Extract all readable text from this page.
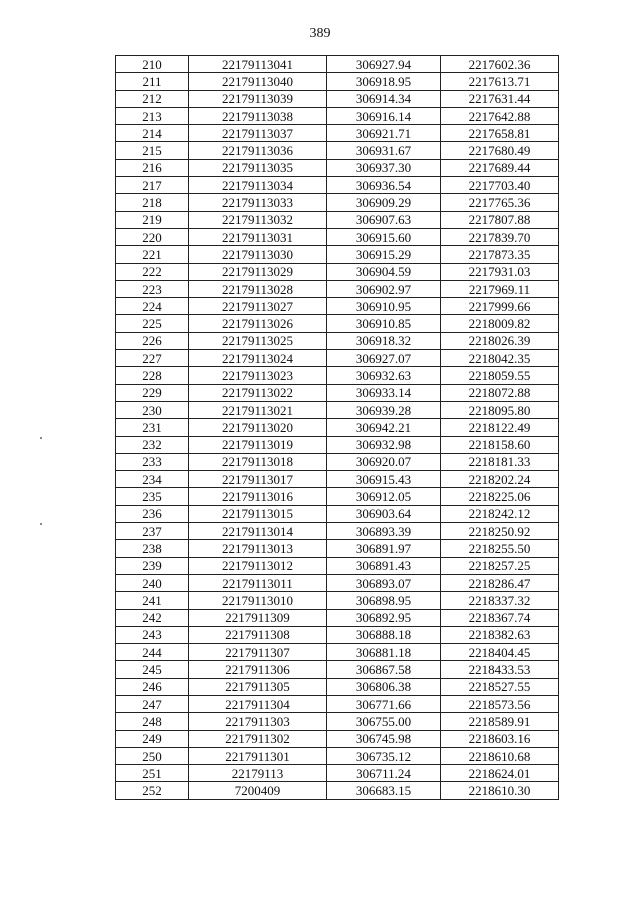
389
210	22179113041	306927.94	2217602.36
211	22179113040	306918.95	2217613.71
212	22179113039	306914.34	2217631.44
213	22179113038	306916.14	2217642.88
214	22179113037	306921.71	2217658.81
215	22179113036	306931.67	2217680.49
216	22179113035	306937.30	2217689.44
217	22179113034	306936.54	2217703.40
218	22179113033	306909.29	2217765.36
219	22179113032	306907.63	2217807.88
220	22179113031	306915.60	2217839.70
221	22179113030	306915.29	2217873.35
222	22179113029	306904.59	2217931.03
223	22179113028	306902.97	2217969.11
224	22179113027	306910.95	2217999.66
225	22179113026	306910.85	2218009.82
226	22179113025	306918.32	2218026.39
227	22179113024	306927.07	2218042.35
228	22179113023	306932.63	2218059.55
229	22179113022	306933.14	2218072.88
230	22179113021	306939.28	2218095.80
231	22179113020	306942.21	2218122.49
232	22179113019	306932.98	2218158.60
233	22179113018	306920.07	2218181.33
234	22179113017	306915.43	2218202.24
235	22179113016	306912.05	2218225.06
236	22179113015	306903.64	2218242.12
237	22179113014	306893.39	2218250.92
238	22179113013	306891.97	2218255.50
239	22179113012	306891.43	2218257.25
240	22179113011	306893.07	2218286.47
241	22179113010	306898.95	2218337.32
242	2217911309	306892.95	2218367.74
243	2217911308	306888.18	2218382.63
244	2217911307	306881.18	2218404.45
245	2217911306	306867.58	2218433.53
246	2217911305	306806.38	2218527.55
247	2217911304	306771.66	2218573.56
248	2217911303	306755.00	2218589.91
249	2217911302	306745.98	2218603.16
250	2217911301	306735.12	2218610.68
251	22179113	306711.24	2218624.01
252	7200409	306683.15	2218610.30
